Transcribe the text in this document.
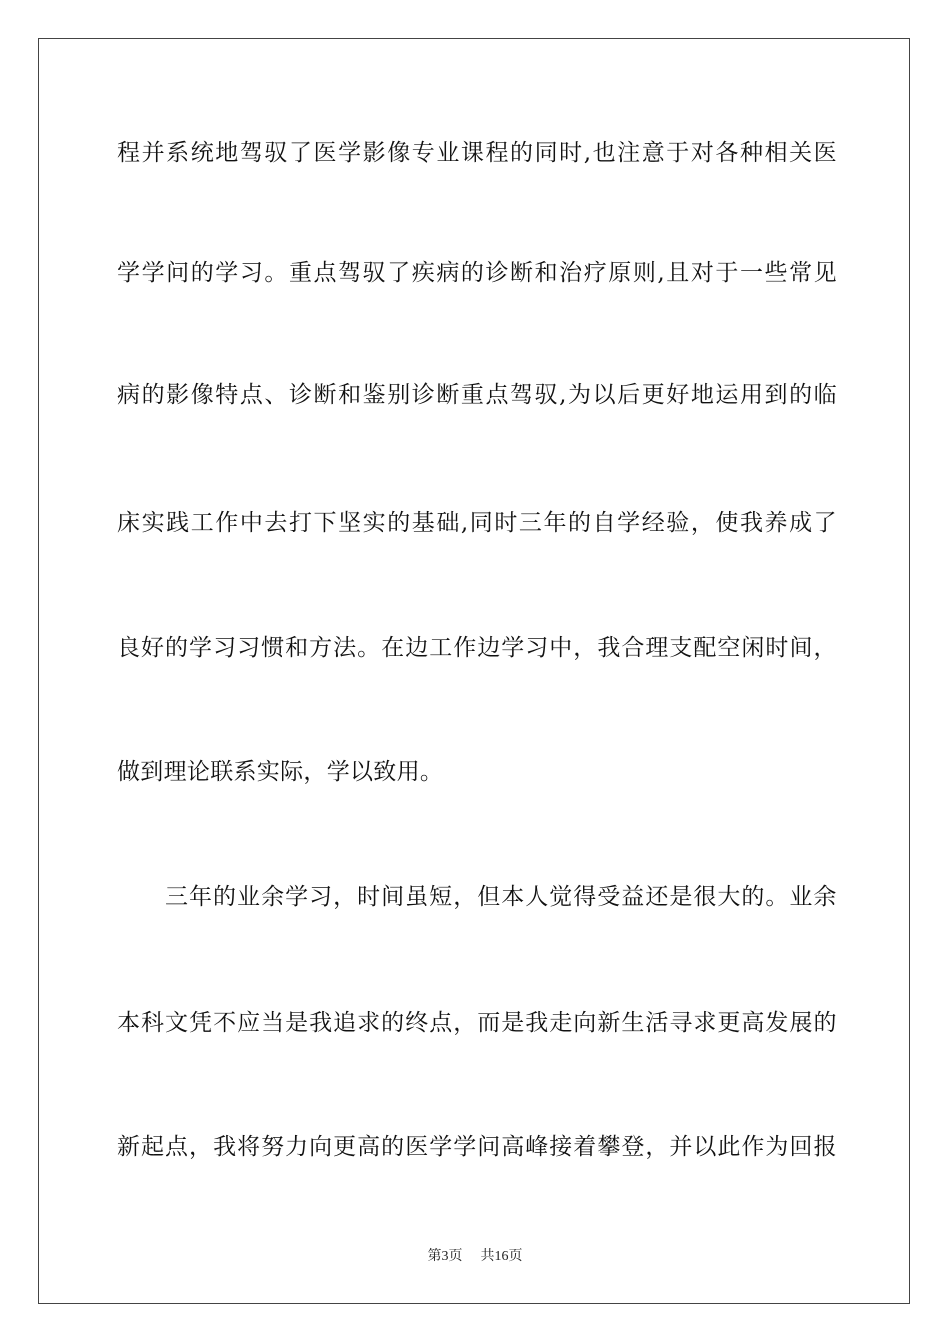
程 并 系 统 地 驾 驭 了 医 学 影 像 专 业 课 程 的 同 时 , 也 注 意 于 对 各 种 相 关 医
学 学 问 的 学 习 。 重 点 驾 驭 了 疾 病 的 诊 断 和 治 疗 原 则 , 且 对 于 一 些 常 见
病 的 影 像 特 点 、 诊 断 和 鉴 别 诊 断 重 点 驾 驭 , 为 以 后 更 好 地 运 用 到 的 临
床 实 践 工 作 中 去 打 下 坚 实 的 基 础 , 同 时 三 年 的 自 学 经 验 ， 使 我 养 成 了
良 好 的 学 习 习 惯 和 方 法 。 在 边 工 作 边 学 习 中 ， 我 合 理 支 配 空 闲 时 间 ，
做到理论联系实际，学以致用。
三 年 的 业 余 学 习 ， 时 间 虽 短 ， 但 本 人 觉 得 受 益 还 是 很 大 的 。 业 余
本 科 文 凭 不 应 当 是 我 追 求 的 终 点 ， 而 是 我 走 向 新 生 活 寻 求 更 高 发 展 的
新 起 点 ， 我 将 努 力 向 更 高 的 医 学 学 问 高 峰 接 着 攀 登 ， 并 以 此 作 为 回 报
第3页 共16页
